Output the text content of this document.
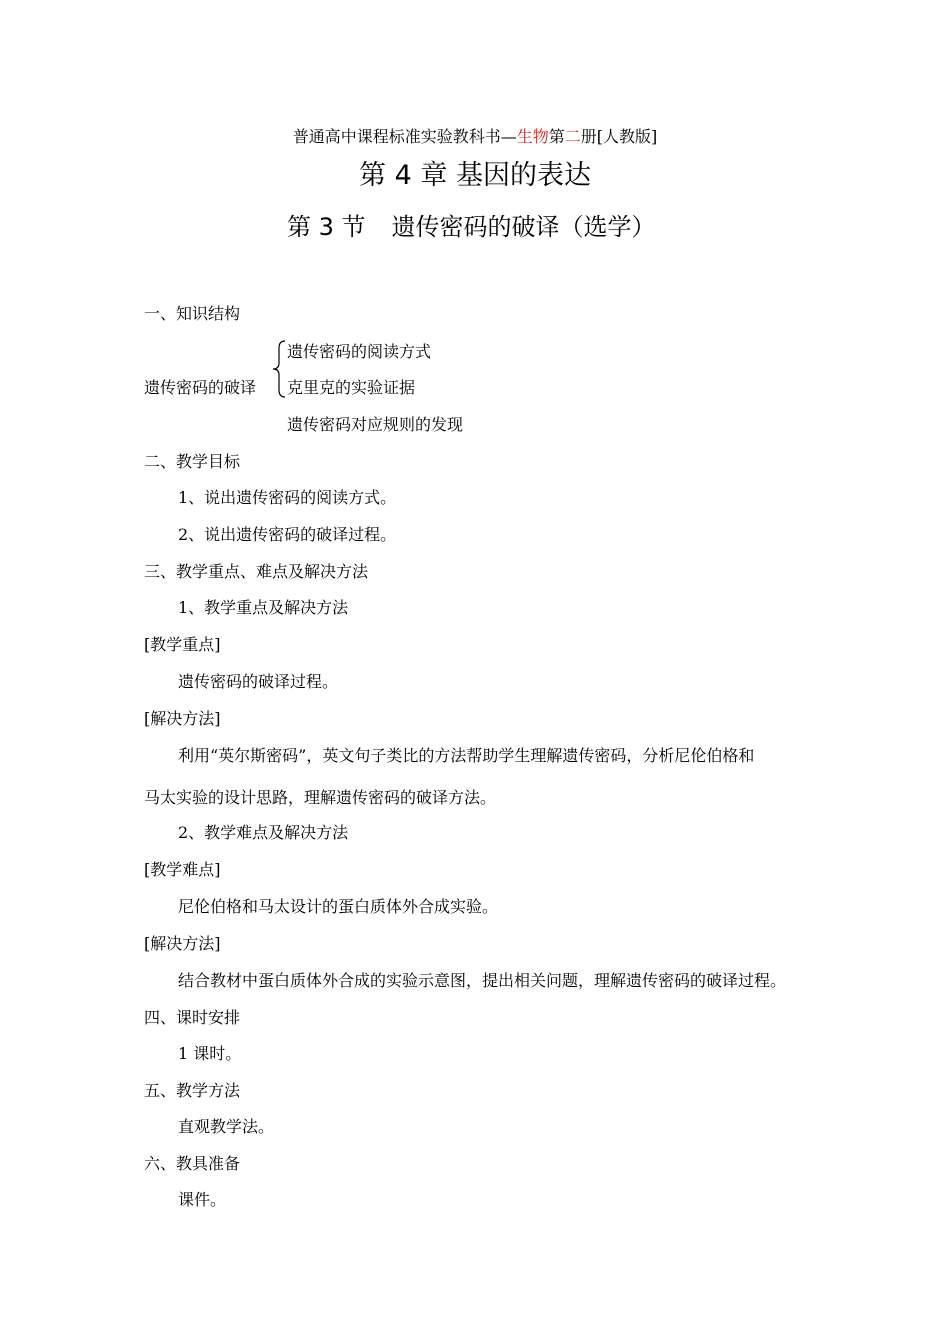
普通高中课程标准实验教科书—生物第二册[人教版]
第 4 章 基因的表达
第 3 节 遗传密码的破译（选学）
一、知识结构
遗传密码的阅读方式
遗传密码的破译 克里克的实验证据
遗传密码对应规则的发现
二、教学目标
1、说出遗传密码的阅读方式。
2、说出遗传密码的破译过程。
三、教学重点、难点及解决方法
1、教学重点及解决方法
[教学重点]
遗传密码的破译过程。
[解决方法]
利用“英尔斯密码”，英文句子类比的方法帮助学生理解遗传密码，分析尼伦伯格和
马太实验的设计思路，理解遗传密码的破译方法。
2、教学难点及解决方法
[教学难点]
尼伦伯格和马太设计的蛋白质体外合成实验。
[解决方法]
结合教材中蛋白质体外合成的实验示意图，提出相关问题，理解遗传密码的破译过程。
四、课时安排
1 课时。
五、教学方法
直观教学法。
六、教具准备
课件。
